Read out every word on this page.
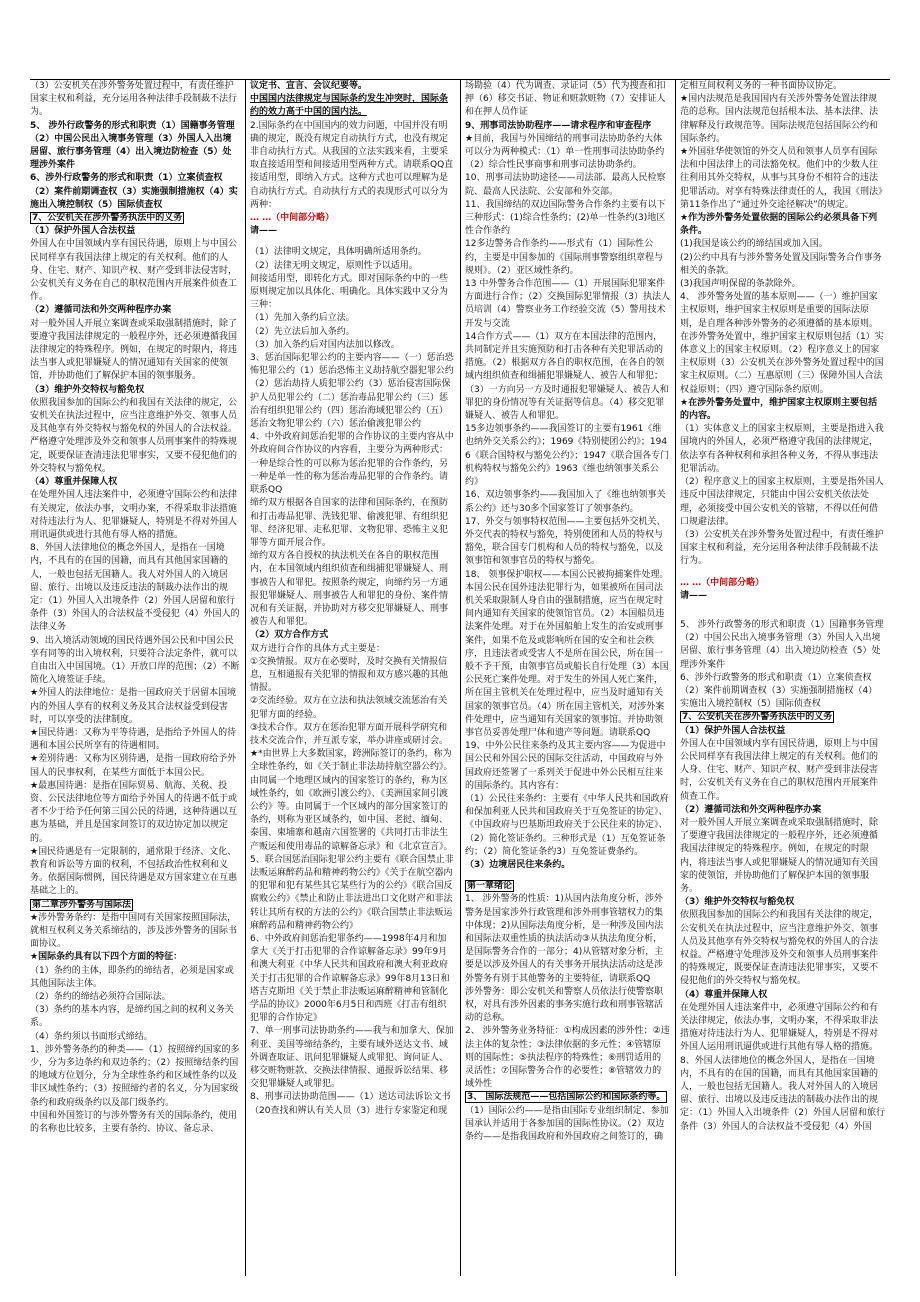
（3）公安机关在涉外警务处置过程中，有责任维护国家主权和利益，充分运用各种法律手段制裁不法行为。

5、 涉外行政警务的形式和职责（1）国籍事务管理（2）中国公民出入境事务管理（3）外国人入出境居留、旅行事务管理（4）出入境边防检查（5）处理涉外案件

6、涉外行政警务的形式和职责（1）立案侦查权（2）案件前期调查权（3）实施强制措施权（4）实施出入境控制权（5）国际侦查权

7、公安机关在涉外警务执法中的义务

（1）保护外国人合法权益

外国人在中国领域内享有国民待遇，原则上与中国公民同样享有我国法律上规定的有关权利。他们的人身、住宅、财产、知识产权、财产受到非法侵害时，公安机关有义务在自己的职权范围内开展案件侦查工作。

（2）遵循司法和外交两种程序办案

对一般外国人开展立案调查或采取强制措施时，除了要遵守我国法律规定的一般程序外，还必须遵循我国法律规定的特殊程序。例如，在规定的时限内，将违法当事人或犯罪嫌疑人的情况通知有关国家的使领馆，并协助他们了解保护本国的领事服务。

（3）维护外交特权与豁免权

依照我国参加的国际公约和我国有关法律的规定，公安机关在执法过程中，应当注意维护外交、领事人员及其他享有外交特权与豁免权的外国人的合法权益。严格遵守处理涉及外交和领事人员刑事案件的特殊规定，既要保证查清违法犯罪事实，又要不侵犯他们的外交特权与豁免权。

（4）尊重并保障人权

在处理外国人违法案件中，必须遵守国际公约和法律有关规定，依法办事，文明办案，不得采取非法措施对待违法行为人、犯罪嫌疑人，特别是不得对外国人刑讯逼供或进行其他有辱人格的措施。

8、外国人法律地位的概念外国人，是指在一国境内，不具有的在国的国籍，而具有其他国家国籍的人，一般也包括无国籍人。我人对外国人的入境居留、旅行、出境以及违反违法的制裁办法作出的规定：（1）外国人入出境条件（2）外国人居留和旅行条件（3）外国人的合法权益不受侵犯（4）外国人的法律义务

9、出入境活动领域的国民待遇外国公民和中国公民享有同等的出入境权利，只要符合法定条件，就可以自由出入中国国境。（1）开放口岸的范围；（2）不断简化入境签证手续。

★外国人的法律地位：是指一国政府关于居留本国境内的外国人享有的权利义务及其合法权益受到侵害时，可以享受的法律制度。

★国民待遇：又称为平等待遇，是指给予外国人的待遇和本国公民所享有的待遇相同。

★差别待遇：又称为区别待遇，是指一国政府给予外国人的民事权利，在某些方面低于本国公民。

★最惠国待遇：是指在国际贸易、航海、关税、投资、公民法律地位等方面给予外国人的待遇不低于或者不少于给予任何第三国公民的待遇，这种待遇以互惠为基础，并且是国家间签订的双边协定加以规定的。

★国民待遇是有一定限制的，通常限于经济、文化、教育和诉讼等方面的权利，不包括政治性权利和义务。依据国际惯例，国民待遇是双方国家建立在互惠基础之上的。

第二章涉外警务与国际法

★涉外警务条约：是指中国同有关国家按照国际法，就相互权利义务关系缔结的，涉及涉外警务的国际书面协议。

★国际条约具有以下四个方面的特征：

（1）条约的主体，即条约的缔结者，必须是国家或其他国际法主体。

（2）条约的缔结必须符合国际法。

（3）条约的基本内容，是缔约国之间的权利义务关系。

（4）条约须以书面形式缔结。

1、涉外警务条约的种类——（1）按照缔约国家的多少，分为多边条约和双边条约；（2）按照缔结条约国的地域方位划分，分为全球性条约和区域性条约以及非区域性条约；（3）按照缔约者的名义，分为国家级条约和政府级条约以及部门级条约。

中国和外国签订的与涉外警务有关的国际条约，使用的名称也比较多，主要有条约、协议、备忘录、

议定书、宣言、会议纪要等。

中国国内法律规定与国际条约发生冲突时，国际条约的效力高于中国的国内法。

2.国际条约在中国国内的效力问题，中国并没有明确的规定，既没有规定自动执行方式，也没有规定非自动执行方式。从我国的立法实践来看，主要采取直接适用型和间接适用型两种方式。请联系QQ直接适用型，即纳入方式。这种方式也可以理解为是自动执行方式。自动执行方式的表现形式可以分为两种：

… …（中间部分略）

请——

（1）法律明文规定，具体明确所适用条约。

（2）法律无明文规定，原则性予以适用。

间接适用型，即转化方式。即对国际条约中的一些原则规定加以具体化、明确化。具体实践中又分为三种：

（1）先加入条约后立法。

（2）先立法后加入条约。

（3）加入条约后对国内法加以修改。

3、惩治国际犯罪公约的主要内容——（一）惩治恐怖犯罪公约（1）惩治恐怖主义劫持航空器犯罪公约（2）惩治劫持人质犯罪公约（3）惩治侵害国际保护人员犯罪公约（二）惩治毒品犯罪公约（三）惩治有组织犯罪公约（四）惩治海域犯罪公约（五）惩治文物犯罪公约（六）惩治偷渡犯罪公约

4、中外政府间惩治犯罪的合作协议的主要内容从中外政府间合作协议的内容看，主要分为两种形式：一种是综合性的可以称为惩治犯罪的合作条约，另一种是单一性的称为惩治毒品犯罪的合作条约。请联系QQ

缔约双方根据各自国家的法律和国际条约，在预防和打击毒品犯罪、洗钱犯罪、偷渡犯罪、有组织犯罪、经济犯罪、走私犯罪、文物犯罪、恐怖主义犯罪等方面开展合作。

缔约双方各自授权的执法机关在各自的职权范围内，在本国领域内组织侦查和缉捕犯罪嫌疑人、刑事被告人和罪犯。按照条约规定，向缔约另一方通报犯罪嫌疑人、刑事被告人和罪犯的身份、案件情况和有关证据，并协助对方移交犯罪嫌疑人、刑事被告人和罪犯。

（2）双方合作方式

双方进行合作的具体方式主要是：

①交换情报。双方在必要时，及时交换有关情报信息，互相通报有关犯罪的情报和双方感兴趣的其他情报。

②交流经验。双方在立法和执法领域交流惩治有关犯罪方面的经验。

③技术合作。双方在惩治犯罪方面开展科学研究和技术交流合作，并互派专家，举办讲座或研讨会。

★*由世界上大多数国家，跨洲际签订的条约，称为全球性条约，如《关于制止非法劫持航空器公约》。由同属一个地理区域内的国家签订的条约，称为区域性条约，如《欧洲引渡公约》、《美洲国家间引渡公约》等。由同属于一个区域内的部分国家签订的条约，则称为亚区域条约，如中国、老挝、缅甸、泰国、柬埔寨和越南六国签署的《共同打击非法生产贩运和使用毒品的谅解备忘录》和《北京宣言》。

5、联合国惩治国际犯罪公约主要有《联合国禁止非法贩运麻醉药品和精神药物公约》《关于在航空器内的犯罪和犯有某些其它某些行为的公约》《联合国反腐败公约》《禁止和防止非法进出口文化财产和非法转让其所有权的方法的公约》《联合国禁止非法贩运麻醉药品和精神药物公约》

6、中外政府间惩治犯罪条约——1998年4月和加拿大《关于打击犯罪的合作谅解备忘录》99年9月和澳大利亚《中华人民共和国政府和澳大利亚政府关于打击犯罪的合作谅解备忘录》99年8月13日和塔吉克斯坦《关于禁止非法贩运麻醉精神和管制化学品的协议》2000年6月5日和西班《打击有组织犯罪的合作协定》

7、单一刑事司法协助条约——我与和加拿大、保加利亚、美国等缔结条约，主要有域外送达文书、域外调查取证、讯问犯罪嫌疑人或罪犯、询问证人、移交赃物赃款、交换法律情报、通报诉讼结果、移交犯罪嫌疑人或罪犯。

8、刑事司法协助范围——（1）送达司法诉讼文书（20查找和辨认有关人员（3）进行专家鉴定和现

场勘验（4）代为调查、录证词（5）代为搜查和扣押（6）移交书证、物证和赃款赃物（7）安排证人和在押人员作证

9、刑事司法协助程序——请求程序和审查程序

★目前，我国与外国缔结的刑事司法协助条约大体可以分为两种模式：（1）单一性刑事司法协助条约（2）综合性民事商事和刑事司法协助条约。

10、刑事司法协助途径——司法部、最高人民检察院、最高人民法院、公安部和外交部。

11、我国缔结的双边国际警务合作条约主要有以下三种形式：(1)综合性条约；(2)单一性条约(3)地区性合作条约

12多边警务合作条约——形式有（1）国际性公约，主要是中国参加的《国际刑事警察组织章程与规则》。（2）亚区域性条约。

13 中外警务合作范围——（1）开展国际犯罪案件方面进行合作；（2）交换国际犯罪情报（3）执法人员培训（4）警察业务工作经验交流（5）警用技术开发与交流

14合作方式——（1）双方在本国法律的范围内，共同制定并且实施预防和打击各种有关犯罪活动的措施。（2）根据双方各自的职权范围，在各自的领域内组织侦查和缉捕犯罪嫌疑人、被告人和罪犯；（3）一方向另一方及时通报犯罪嫌疑人、被告人和罪犯的身份情况等有关证据等信息。（4）移交犯罪嫌疑人、被告人和罪犯。

15多边领事条约——我国签订的主要有1961《维也纳外交关系公约》；1969《特别使团公约》；1946《联合国特权与豁免公约》；1947《联合国各专门机构特权与豁免公约》1963《维也纳领事关系公约》

16、双边领事条约——我国加入了《维也纳领事关系公约》还与30多个国家签订了领事条约。

17、外交与领事特权范围——主要包括外交机关、外交代表的特权与豁免，特别使团和人员的特权与豁免，联合国专门机构和人员的特权与豁免，以及领事馆和领事官员的特权与豁免。

18、 领事保护职权——本国公民被拘捕案件处理。本国公民在国外违法犯罪行为，如果被所在国司法机关采取限制人身自由的强制措施，应当在规定时间内通知有关国家的使领馆官员。（2）本国船员违法案件处理。对于在外国船舶上发生的治安或刑事案件，如果不危及或影响所在国的安全和社会秩序，且违法者或受害人不是所在国公民，所在国一般不予干预，由领事官员或船长自行处理（3）本国公民死亡案件处理。对于发生的外国人死亡案件，所在国主管机关在处理过程中，应当及时通知有关国家的领事官员。（4）所在国主管机关，对涉外案件处理中，应当通知有关国家的领事馆。并协助领事官员妥善处理尸体和遗产等问题。请联系QQ

19、中外公民往来条约及其主要内容——为促进中国公民和外国公民的国际交往活动，中国政府与外国政府还签署了一系列关于促进中外公民相互往来的国际条约。其内容有：

（1）公民往来条约：主要有《中华人民共和国政府和保加利亚人民共和国政府关于互免签证的协定》、《中国政府与巴基斯坦政府关于公民往来的协定》、

（2）简化签证条约。三种形式是（1）互免签证条约；（2）简化签证条约3）互免签证费条约。

（3）边境居民往来条约。

第一章绪论

1、 涉外警务的性质：1)从国内法角度分析，涉外警务是国家涉外行政管理和涉外刑事管辖权力的集中体现；2)从国际法角度分析，是一种涉及国内法和国际法双重性质的执法活动③从执法角度分析，是国际警务合作的一部分；4)从管辖对象分析，主要是以涉及外国人的有关事务开展执法活动这是涉外警务有别于其他警务的主要特征，请联系QQ

涉外警务：即公安机关和警察人员依法行使警察职权，对具有涉外因素的事务实施行政和刑事管辖活动的总称。

2、 涉外警务业务特征：①构成因素的涉外性；②违法主体的复杂性；③法律依据的多元性；④管辖原则的国际性；⑤执法程序的特殊性；⑥刑罚适用的灵活性；⑦国际警务合作的必要性；⑧管辖效力的域外性

3、 国际法规范——包括国际公约和国际条约等。

（1）国际公约——是指由国际专业组织制定、参加国承认并适用于各参加国的国际性协议。（2）双边条约——是指我国政府和外国政府之间签订的，确

定相互间权利义务的一种书面协议协定。

★国内法规范是我国国内有关涉外警务处置法律规范的总称。国内法规范包括根本法、基本法律、法律解释及行政规范等。国际法规范包括国际公约和国际条约。

★外国驻华使领馆的外交人员和领事人员享有国际法和中国法律上的司法豁免权。他们中的少数人往往利用其外交特权，从事与其身份不相符合的违法犯罪活动。对享有特殊法律责任的人，我国《刑法》第11条作出了“通过外交途径解决”的规定。

★作为涉外警务处置依据的国际公约必须具备下列条件。

(1)我国是该公约的缔结国或加入国。

(2)公约中具有与涉外警务处置及国际警务合作事务相关的条款。

(3)我国声明保留的条款除外。

4、 涉外警务处置的基本原则——（一）维护国家主权原则，维护国家主权原则是重要的国际法原则，是自理各种涉外警务的必须遵循的基本原则。在涉外警务处置中，维护国家主权原则包括（1）实体意义上的国家主权原则。（2）程序意义上的国家主权原则（3）公安机关在涉外警务处置过程中的国家主权原则。（二）互惠原则（三）保障外国人合法权益原则；（四）遵守国际条约原则。

★在涉外警务处置中，维护国家主权原则主要包括的内容。

（1）实体意义上的国家主权原则，主要是指进入我国境内的外国人，必须严格遵守我国的法律规定，依法享有各种权利和承担各种义务，不得从事违法犯罪活动。

（2）程序意义上的国家主权原则，主要是指外国人违反中国法律规定，只能由中国公安机关依法处理，必须接受中国公安机关的管辖，不得以任何借口规避法律。

（3）公安机关在涉外警务处置过程中，有责任维护国家主权和利益，充分运用各种法律手段制裁不法行为。

… …（中间部分略）

请——

5、 涉外行政警务的形式和职责（1）国籍事务管理（2）中国公民出入境事务管理（3）外国人入出境居留、旅行事务管理（4）出入境边防检查（5）处理涉外案件

6、涉外行政警务的形式和职责（1）立案侦查权（2）案件前期调查权（3）实施强制措施权（4）实施出入境控制权（5）国际侦查权

7、公安机关在涉外警务执法中的义务

（1）保护外国人合法权益

外国人在中国领域内享有国民待遇，原则上与中国公民同样享有我国法律上规定的有关权利。他们的人身、住宅、财产、知识产权、财产受到非法侵害时，公安机关有义务在自己的职权范围内开展案件侦查工作。

（2）遵循司法和外交两种程序办案

对一般外国人开展立案调查或采取强制措施时，除了要遵守我国法律规定的一般程序外，还必须遵循我国法律规定的特殊程序。例如，在规定的时限内，将违法当事人或犯罪嫌疑人的情况通知有关国家的使领馆，并协助他们了解保护本国的领事服务。

（3）维护外交特权与豁免权

依照我国参加的国际公约和我国有关法律的规定，公安机关在执法过程中，应当注意维护外交、领事人员及其他享有外交特权与豁免权的外国人的合法权益。严格遵守处理涉及外交和领事人员刑事案件的特殊规定，既要保证查清违法犯罪事实，又要不侵犯他们的外交特权与豁免权。

（4）尊重并保障人权

在处理外国人违法案件中，必须遵守国际公约和有关法律规定，依法办事，文明办案，不得采取非法措施对待违法行为人、犯罪嫌疑人，特别是不得对外国人运用刑讯逼供或进行其他有辱人格的措施。

8、外国人法律地位的概念外国人，是指在一国境内，不具有的在国的国籍，而具有其他国家国籍的人，一般也包括无国籍人。我人对外国人的入境居留、旅行、出境以及违反违法的制裁办法作出的规定：（1）外国人入出境条件（2）外国人居留和旅行条件（3）外国人的合法权益不受侵犯（4）外国
